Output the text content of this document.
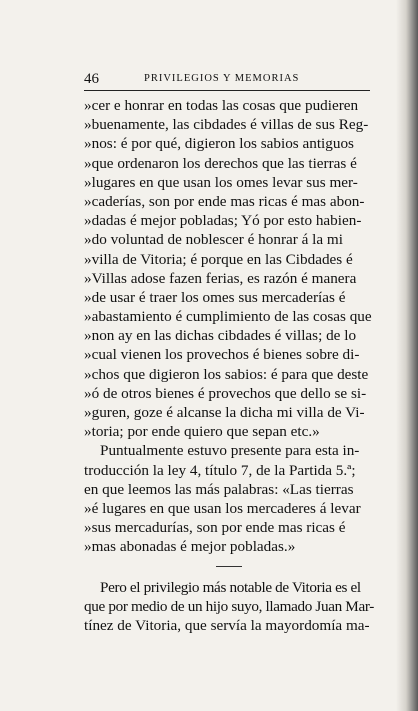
46	PRIVILEGIOS Y MEMORIAS
»cer e honrar en todas las cosas que pudieren
»buenamente, las cibdades é villas de sus Reg-
»nos: é por qué, digieron los sabios antiguos
»que ordenaron los derechos que las tierras é
»lugares en que usan los omes levar sus mer-
»caderías, son por ende mas ricas é mas abon-
»dadas é mejor pobladas; Yó por esto habien-
»do voluntad de noblescer é honrar á la mi
»villa de Vitoria; é porque en las Cibdades é
»Villas adose fazen ferias, es razón é manera
»de usar é traer los omes sus mercaderías é
»abastamiento é cumplimiento de las cosas que
»non ay en las dichas cibdades é villas; de lo
»cual vienen los provechos é bienes sobre di-
»chos que digieron los sabios: é para que deste
»ó de otros bienes é provechos que dello se si-
»guren, goze é alcanse la dicha mi villa de Vi-
»toria; por ende quiero que sepan etc.»
Puntualmente estuvo presente para esta in-
troducción la ley 4, título 7, de la Partida 5.ª;
en que leemos las más palabras: «Las tierras
»é lugares en que usan los mercaderes á levar
»sus mercadurías, son por ende mas ricas é
»mas abonadas é mejor pobladas.»
Pero el privilegio más notable de Vitoria es el
que por medio de un hijo suyo, llamado Juan Mar-
tínez de Vitoria, que servía la mayordomía ma-
